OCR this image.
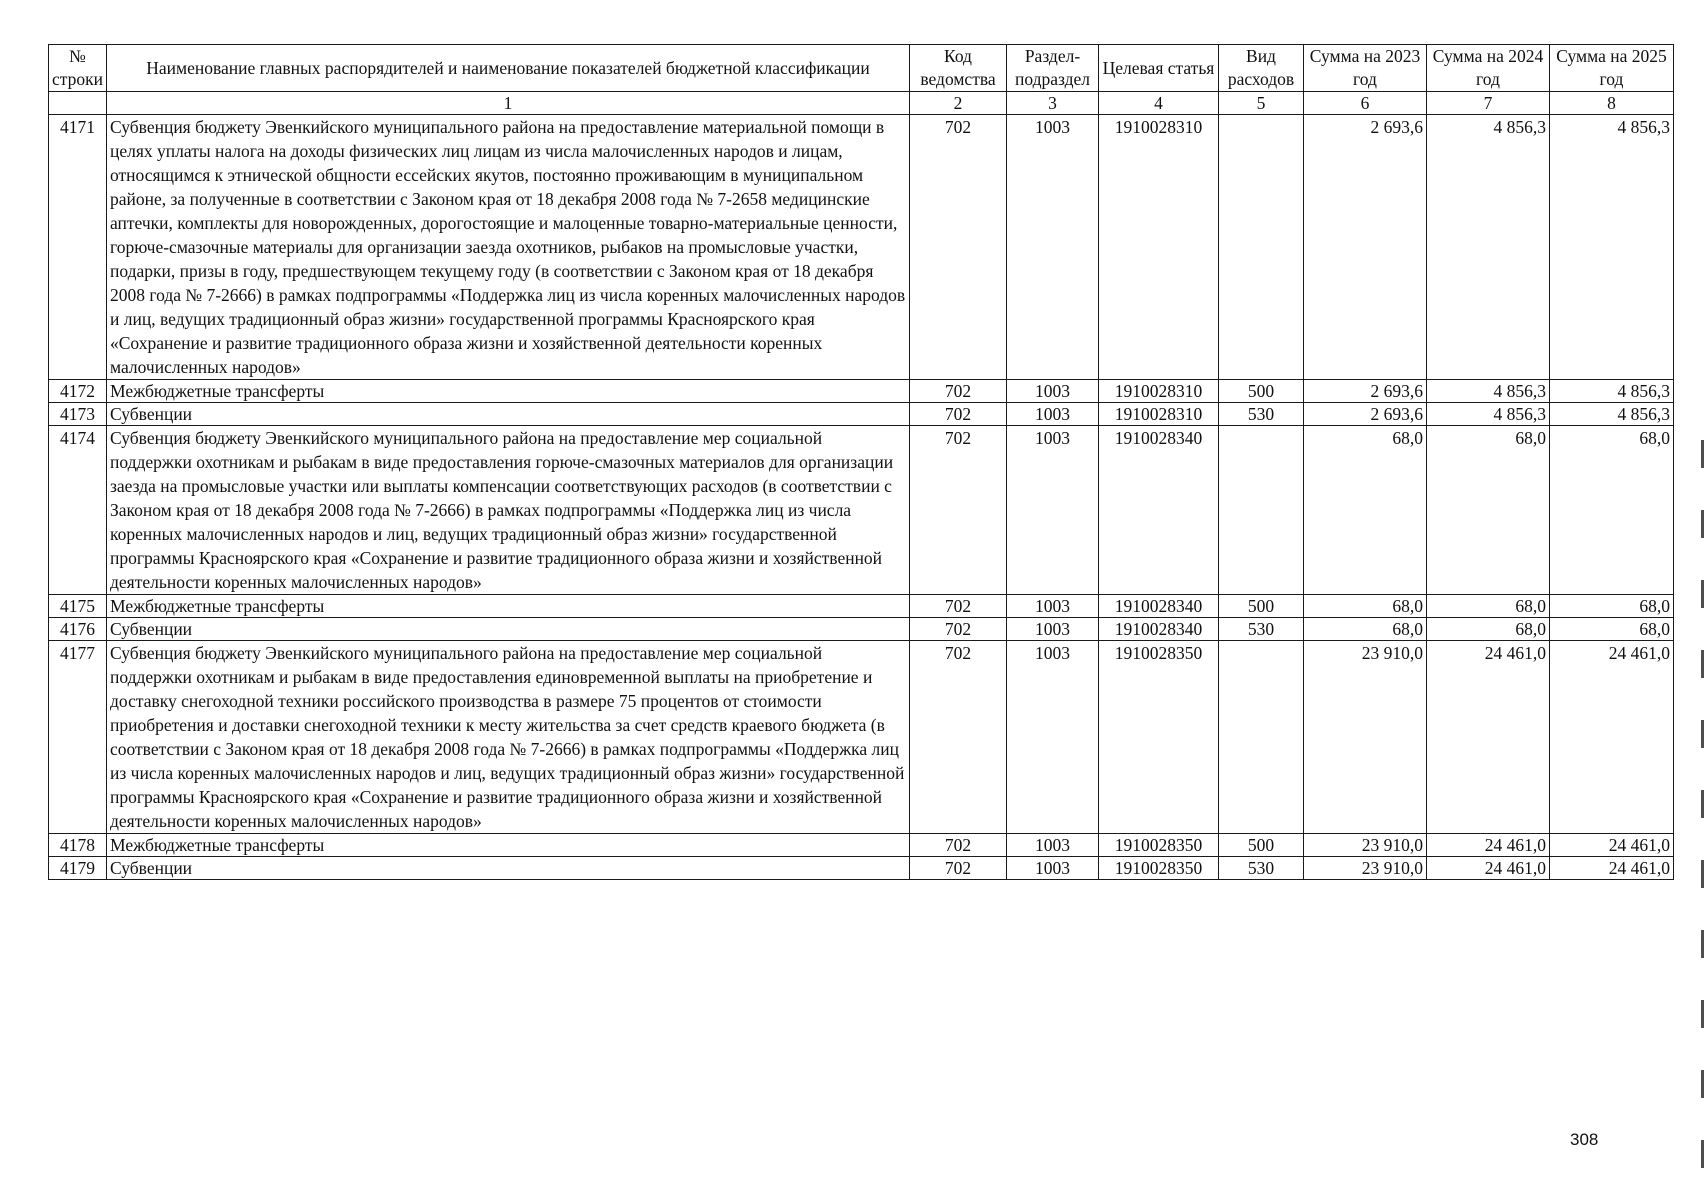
№ строки	Наименование главных распорядителей и наименование показателей бюджетной классификации	Код ведомства	Раздел-подраздел	Целевая статья	Вид расходов	Сумма на 2023 год	Сумма на 2024 год	Сумма на 2025 год
	1	2	3	4	5	6	7	8
4171	Субвенция бюджету Эвенкийского муниципального района на предоставление материальной помощи в целях уплаты налога на доходы физических лиц лицам из числа малочисленных народов и лицам, относящимся к этнической общности ессейских якутов, постоянно проживающим в муниципальном районе, за полученные в соответствии с Законом края от 18 декабря 2008 года № 7-2658 медицинские аптечки, комплекты для новорожденных, дорогостоящие и малоценные товарно-материальные ценности, горюче-смазочные материалы для организации заезда охотников, рыбаков на промысловые участки, подарки, призы в году, предшествующем текущему году (в соответствии с Законом края от 18 декабря 2008 года № 7-2666) в рамках подпрограммы «Поддержка лиц из числа коренных малочисленных народов и лиц, ведущих традиционный образ жизни» государственной программы Красноярского края «Сохранение и развитие традиционного образа жизни и хозяйственной деятельности коренных малочисленных народов»	702	1003	1910028310		2 693,6	4 856,3	4 856,3
4172	Межбюджетные трансферты	702	1003	1910028310	500	2 693,6	4 856,3	4 856,3
4173	Субвенции	702	1003	1910028310	530	2 693,6	4 856,3	4 856,3
4174	Субвенция бюджету Эвенкийского муниципального района на предоставление мер социальной поддержки охотникам и рыбакам в виде предоставления горюче-смазочных материалов для организации заезда на промысловые участки или выплаты компенсации соответствующих расходов (в соответствии с Законом края от 18 декабря 2008 года № 7-2666) в рамках подпрограммы «Поддержка лиц из числа коренных малочисленных народов и лиц, ведущих традиционный образ жизни» государственной программы Красноярского края «Сохранение и развитие традиционного образа жизни и хозяйственной деятельности коренных малочисленных народов»	702	1003	1910028340		68,0	68,0	68,0
4175	Межбюджетные трансферты	702	1003	1910028340	500	68,0	68,0	68,0
4176	Субвенции	702	1003	1910028340	530	68,0	68,0	68,0
4177	Субвенция бюджету Эвенкийского муниципального района на предоставление мер социальной поддержки охотникам и рыбакам в виде предоставления единовременной выплаты на приобретение и доставку снегоходной техники российского производства в размере 75 процентов от стоимости приобретения и доставки снегоходной техники к месту жительства за счет средств краевого бюджета (в соответствии с Законом края от 18 декабря 2008 года № 7-2666) в рамках подпрограммы «Поддержка лиц из числа коренных малочисленных народов и лиц, ведущих традиционный образ жизни» государственной программы Красноярского края «Сохранение и развитие традиционного образа жизни и хозяйственной деятельности коренных малочисленных народов»	702	1003	1910028350		23 910,0	24 461,0	24 461,0
4178	Межбюджетные трансферты	702	1003	1910028350	500	23 910,0	24 461,0	24 461,0
4179	Субвенции	702	1003	1910028350	530	23 910,0	24 461,0	24 461,0
308
